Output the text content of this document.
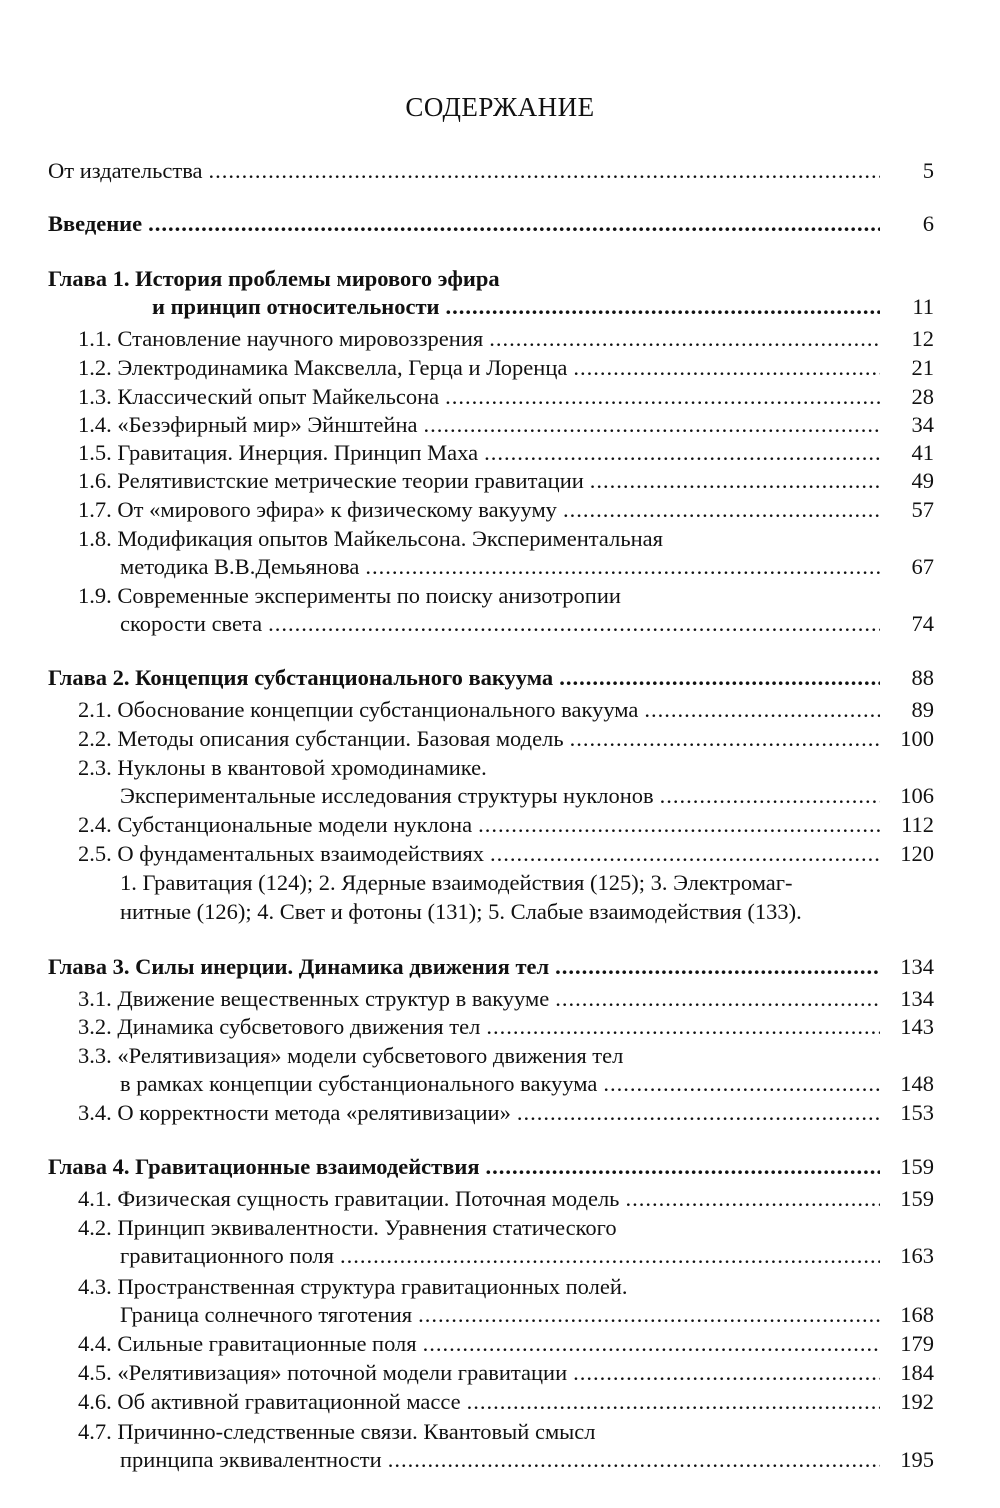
СОДЕРЖАНИЕ
От издательства .....	5
Введение .....	6
Глава 1. История проблемы мирового эфира
и принцип относительности .....	11
1.1. Становление научного мировоззрения .....	12
1.2. Электродинамика Максвелла, Герца и Лоренца .....	21
1.3. Классический опыт Майкельсона .....	28
1.4. «Безэфирный мир» Эйнштейна .....	34
1.5. Гравитация. Инерция. Принцип Маха .....	41
1.6. Релятивистские метрические теории гравитации .....	49
1.7. От «мирового эфира» к физическому вакууму .....	57
1.8. Модификация опытов Майкельсона. Экспериментальная
методика В.В.Демьянова .....	67
1.9. Современные эксперименты по поиску анизотропии
скорости света .....	74
Глава 2. Концепция субстанционального вакуума .....	88
2.1. Обоснование концепции субстанционального вакуума .....	89
2.2. Методы описания субстанции. Базовая модель .....	100
2.3. Нуклоны в квантовой хромодинамике.
Экспериментальные исследования структуры нуклонов .....	106
2.4. Субстанциональные модели нуклона .....	112
2.5. О фундаментальных взаимодействиях .....	120
1. Гравитация (124); 2. Ядерные взаимодействия (125); 3. Электромаг-
нитные (126); 4. Свет и фотоны (131); 5. Слабые взаимодействия (133).
Глава 3. Силы инерции. Динамика движения тел .....	134
3.1. Движение вещественных структур в вакууме .....	134
3.2. Динамика субсветового движения тел .....	143
3.3. «Релятивизация» модели субсветового движения тел
в рамках концепции субстанционального вакуума .....	148
3.4. О корректности метода «релятивизации» .....	153
Глава 4. Гравитационные взаимодействия .....	159
4.1. Физическая сущность гравитации. Поточная модель .....	159
4.2. Принцип эквивалентности. Уравнения статического
гравитационного поля .....	163
4.3. Пространственная структура гравитационных полей.
Граница солнечного тяготения .....	168
4.4. Сильные гравитационные поля .....	179
4.5. «Релятивизация» поточной модели гравитации .....	184
4.6. Об активной гравитационной массе .....	192
4.7. Причинно-следственные связи. Квантовый смысл
принципа эквивалентности .....	195
